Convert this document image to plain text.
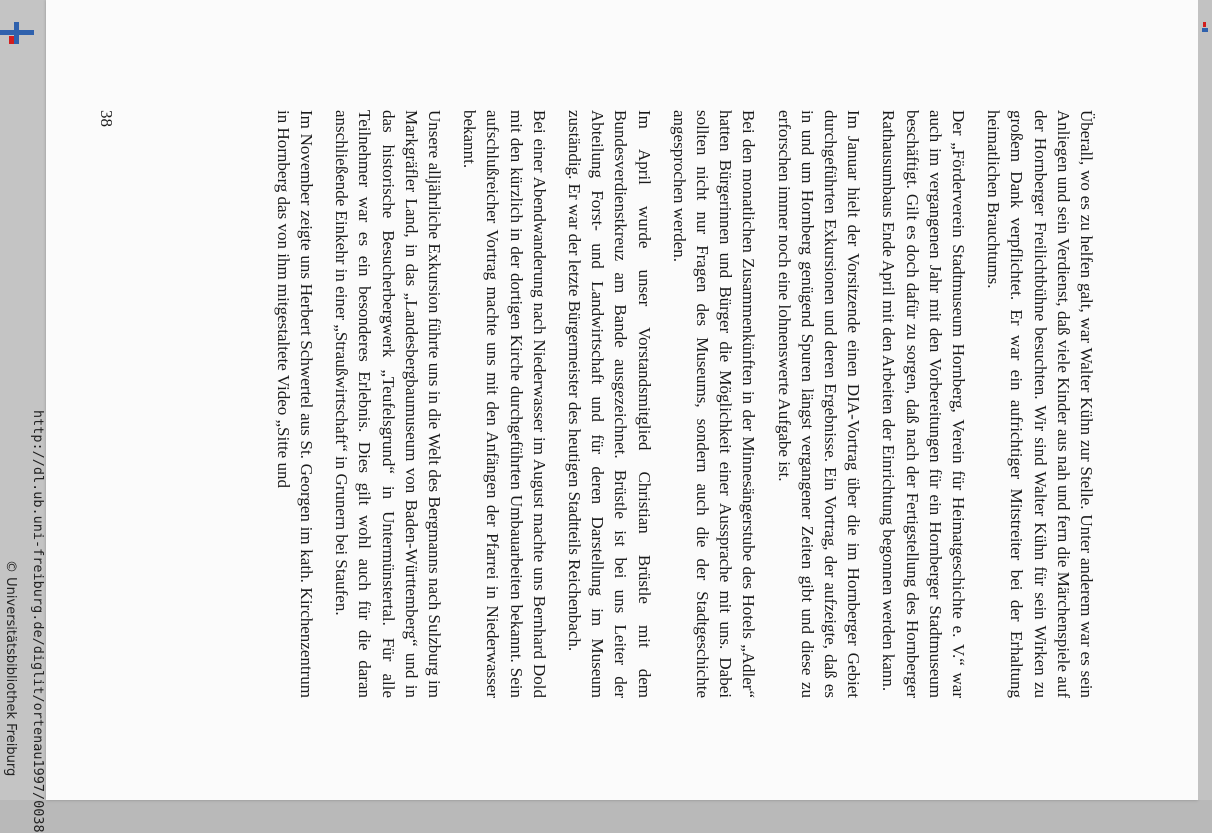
http://dl.ub.uni-freiburg.de/diglit/ortenau1997/0038
© Universitätsbibliothek Freiburg	Überall, wo es zu helfen galt, war Walter Kühn zur Stelle. Unter anderem war es sein Anliegen und sein Verdienst, daß viele Kinder aus nah und fern die Märchenspiele auf der Hornberger Freilichtbühne besuchten. Wir sind Walter Kühn für sein Wirken zu großem Dank verpflichtet. Er war ein aufrichtiger Mitstreiter bei der Erhaltung heimatlichen Brauchtums.

Der „Förderverein Stadtmuseum Hornberg, Verein für Heimatgeschichte e. V.“ war auch im vergangenen Jahr mit den Vorbereitungen für ein Hornberger Stadtmuseum beschäftigt. Gilt es doch dafür zu sorgen, daß nach der Fertigstellung des Hornberger Rathausumbaus Ende April mit den Arbeiten der Einrichtung begonnen werden kann.

Im Januar hielt der Vorsitzende einen DIA-Vortrag über die im Hornberger Gebiet durchgeführten Exkursionen und deren Ergebnisse. Ein Vortrag, der aufzeigte, daß es in und um Hornberg genügend Spuren längst vergangener Zeiten gibt und diese zu erforschen immer noch eine lohnenswerte Aufgabe ist.

Bei den monatlichen Zusammenkünften in der Minnesängerstube des Hotels „Adler“ hatten Bürgerinnen und Bürger die Möglichkeit einer Aussprache mit uns. Dabei sollten nicht nur Fragen des Museums, sondern auch die der Stadtgeschichte angesprochen werden.

Im April wurde unser Vorstandsmitglied Christian Brüstle mit dem Bundesverdienstkreuz am Bande ausgezeichnet. Brüstle ist bei uns Leiter der Abteilung Forst- und Landwirtschaft und für deren Darstellung im Museum zuständig. Er war der letzte Bürgermeister des heutigen Stadtteils Reichenbach.

Bei einer Abendwanderung nach Niederwasser im August machte uns Bernhard Dold mit den kürzlich in der dortigen Kirche durchgeführten Umbauarbeiten bekannt. Sein aufschlußreicher Vortrag machte uns mit den Anfängen der Pfarrei in Niederwasser bekannt.

Unsere alljährliche Exkursion führte uns in die Welt des Bergmanns nach Sulzburg im Markgräfler Land, in das „Landesbergbaumuseum von Baden-Württemberg“ und in das historische Besucherbergwerk „Teufelsgrund“ in Untermünstertal. Für alle Teilnehmer war es ein besonderes Erlebnis. Dies gilt wohl auch für die daran anschließende Einkehr in einer „Straußwirtschaft“ in Grunern bei Staufen.

Im November zeigte uns Herbert Schwertel aus St. Georgen im kath. Kirchenzentrum in Hornberg das von ihm mitgestaltete Video „Sitte und

38
